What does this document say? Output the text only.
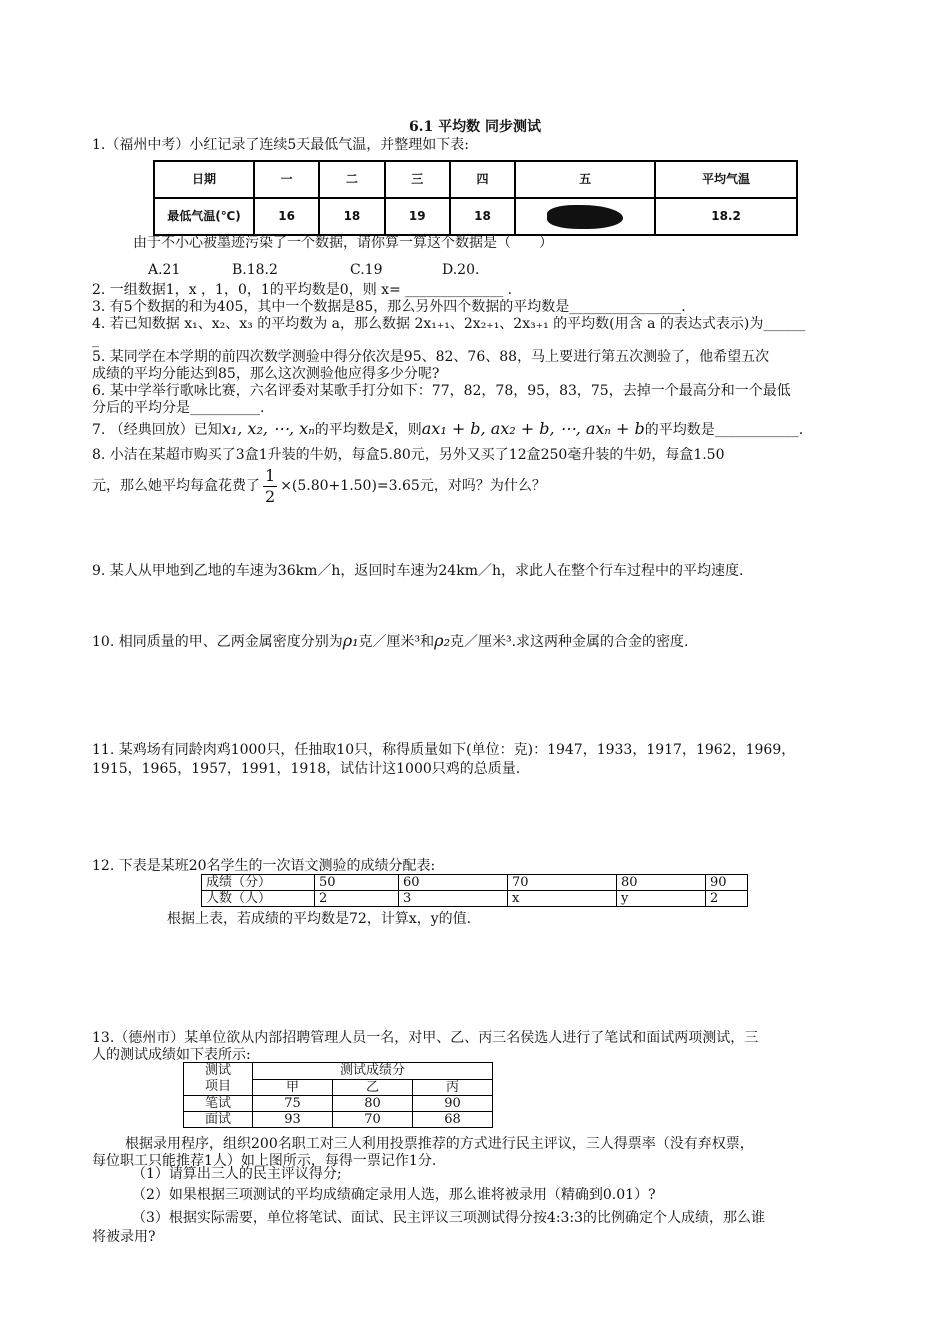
6.1 平均数 同步测试
1.（福州中考）小红记录了连续5天最低气温，并整理如下表:
日期	一	二	三	四	五	平均气温
最低气温(℃)	16	18	19	18		18.2
由于不小心被墨迹污染了一个数据，请你算一算这个数据是（　　）
A.21	B.18.2	C.19	D.20.
2. 一组数据1，x ，1，0，1的平均数是0，则 x= ______________ .
3. 有5个数据的和为405，其中一个数据是85，那么另外四个数据的平均数是________________.
4. 若已知数据 x₁、x₂、x₃ 的平均数为 a，那么数据 2x₁₊₁、2x₂₊₁、2x₃₊₁ 的平均数(用含 a 的表达式表示)为______
_
5. 某同学在本学期的前四次数学测验中得分依次是95、82、76、88，马上要进行第五次测验了，他希望五次
成绩的平均分能达到85，那么这次测验他应得多少分呢?
6. 某中学举行歌咏比赛，六名评委对某歌手打分如下：77，82，78，95，83，75，去掉一个最高分和一个最低
分后的平均分是__________.
7. （经典回放）已知x₁, x₂, ⋯, xₙ的平均数是x̄，则ax₁ + b, ax₂ + b, ⋯, axₙ + b的平均数是____________.
8. 小洁在某超市购买了3盒1升装的牛奶，每盒5.80元，另外又买了12盒250毫升装的牛奶，每盒1.50
元，那么她平均每盒花费了 $\frac{1}{2} \times(5.80+1.50)=3.65$元，对吗？为什么？
9. 某人从甲地到乙地的车速为36km／h，返回时车速为24km／h，求此人在整个行车过程中的平均速度.
10. 相同质量的甲、乙两金属密度分别为ρ₁克／厘米³和ρ₂克／厘米³.求这两种金属的合金的密度.
11. 某鸡场有同龄肉鸡1000只，任抽取10只，称得质量如下(单位：克)：1947，1933，1917，1962，1969，
1915，1965，1957，1991，1918，试估计这1000只鸡的总质量.
12. 下表是某班20名学生的一次语文测验的成绩分配表:
成绩（分）	50	60	70	80	90
人数（人）	2	3	x	y	2
根据上表，若成绩的平均数是72，计算x，y的值.
13.（德州市）某单位欲从内部招聘管理人员一名，对甲、乙、丙三名侯选人进行了笔试和面试两项测试，三
人的测试成绩如下表所示:
测试
项目	测试成绩分		
	甲	乙	丙
笔试	75	80	90
面试	93	70	68
根据录用程序，组织200名职工对三人利用投票推荐的方式进行民主评议，三人得票率（没有弃权票，
每位职工只能推荐1人）如上图所示，每得一票记作1分.
（1）请算出三人的民主评议得分;
（2）如果根据三项测试的平均成绩确定录用人选，那么谁将被录用（精确到0.01）?
（3）根据实际需要，单位将笔试、面试、民主评议三项测试得分按4:3:3的比例确定个人成绩，那么谁
将被录用?
